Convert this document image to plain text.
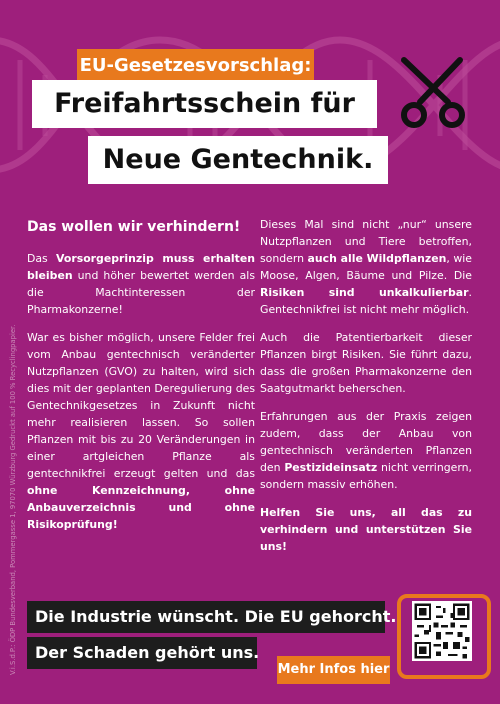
EU-Gesetzesvorschlag:
Freifahrtsschein für
Neue Gentechnik.
V.i.S.d.P.: ÖDP Bundesverband, Pommergasse 1, 97070 Würzburg Gedruckt auf 100 % Recyclingpapier.
Das wollen wir verhindern!

Das Vorsorgeprinzip muss erhalten bleiben und höher bewertet werden als die Machtinteressen der Pharmakonzerne!

War es bisher möglich, unsere Felder frei vom Anbau gentechnisch veränderter Nutzpflanzen (GVO) zu halten, wird sich dies mit der geplanten Deregulierung des Gentechnikgesetzes in Zukunft nicht mehr realisieren lassen. So sollen Pflanzen mit bis zu 20 Veränderungen in einer artgleichen Pflanze als gentechnikfrei erzeugt gelten und das ohne Kennzeichnung, ohne Anbauverzeichnis und ohne Risikoprüfung!

Dieses Mal sind nicht „nur“ unsere Nutzpflanzen und Tiere betroffen, sondern auch alle Wildpflanzen, wie Moose, Algen, Bäume und Pilze. Die Risiken sind unkalkulierbar. Gentechnikfrei ist nicht mehr möglich.

Auch die Patentierbarkeit dieser Pflanzen birgt Risiken. Sie führt dazu, dass die großen Pharmakonzerne den Saatgutmarkt beherschen.

Erfahrungen aus der Praxis zeigen zudem, dass der Anbau von gentechnisch veränderten Pflanzen den Pestizideinsatz nicht verringern, sondern massiv erhöhen.

Helfen Sie uns, all das zu verhindern und unterstützen Sie uns!

Die Industrie wünscht. Die EU gehorcht.
Der Schaden gehört uns.
Mehr Infos hier
